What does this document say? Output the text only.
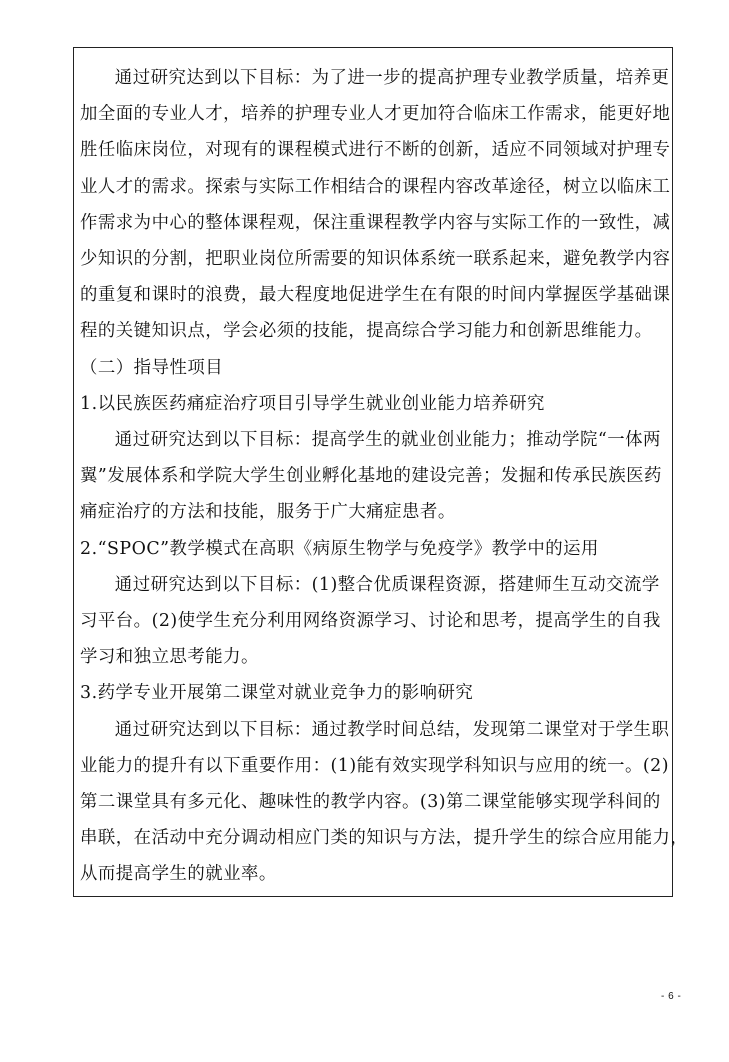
通过研究达到以下目标：为了进一步的提高护理专业教学质量，培养更
加全面的专业人才，培养的护理专业人才更加符合临床工作需求，能更好地
胜任临床岗位，对现有的课程模式进行不断的创新，适应不同领域对护理专
业人才的需求。探索与实际工作相结合的课程内容改革途径，树立以临床工
作需求为中心的整体课程观，保注重课程教学内容与实际工作的一致性，减
少知识的分割，把职业岗位所需要的知识体系统一联系起来，避免教学内容
的重复和课时的浪费，最大程度地促进学生在有限的时间内掌握医学基础课
程的关键知识点，学会必须的技能，提高综合学习能力和创新思维能力。
（二）指导性项目
1.以民族医药痛症治疗项目引导学生就业创业能力培养研究
通过研究达到以下目标：提高学生的就业创业能力；推动学院“一体两
翼”发展体系和学院大学生创业孵化基地的建设完善；发掘和传承民族医药
痛症治疗的方法和技能，服务于广大痛症患者。
2.“SPOC”教学模式在高职《病原生物学与免疫学》教学中的运用
通过研究达到以下目标：(1)整合优质课程资源，搭建师生互动交流学
习平台。(2)使学生充分利用网络资源学习、讨论和思考，提高学生的自我
学习和独立思考能力。
3.药学专业开展第二课堂对就业竞争力的影响研究
通过研究达到以下目标：通过教学时间总结，发现第二课堂对于学生职
业能力的提升有以下重要作用：(1)能有效实现学科知识与应用的统一。(2)
第二课堂具有多元化、趣味性的教学内容。(3)第二课堂能够实现学科间的
串联，在活动中充分调动相应门类的知识与方法，提升学生的综合应用能力，
从而提高学生的就业率。
- 6 -
